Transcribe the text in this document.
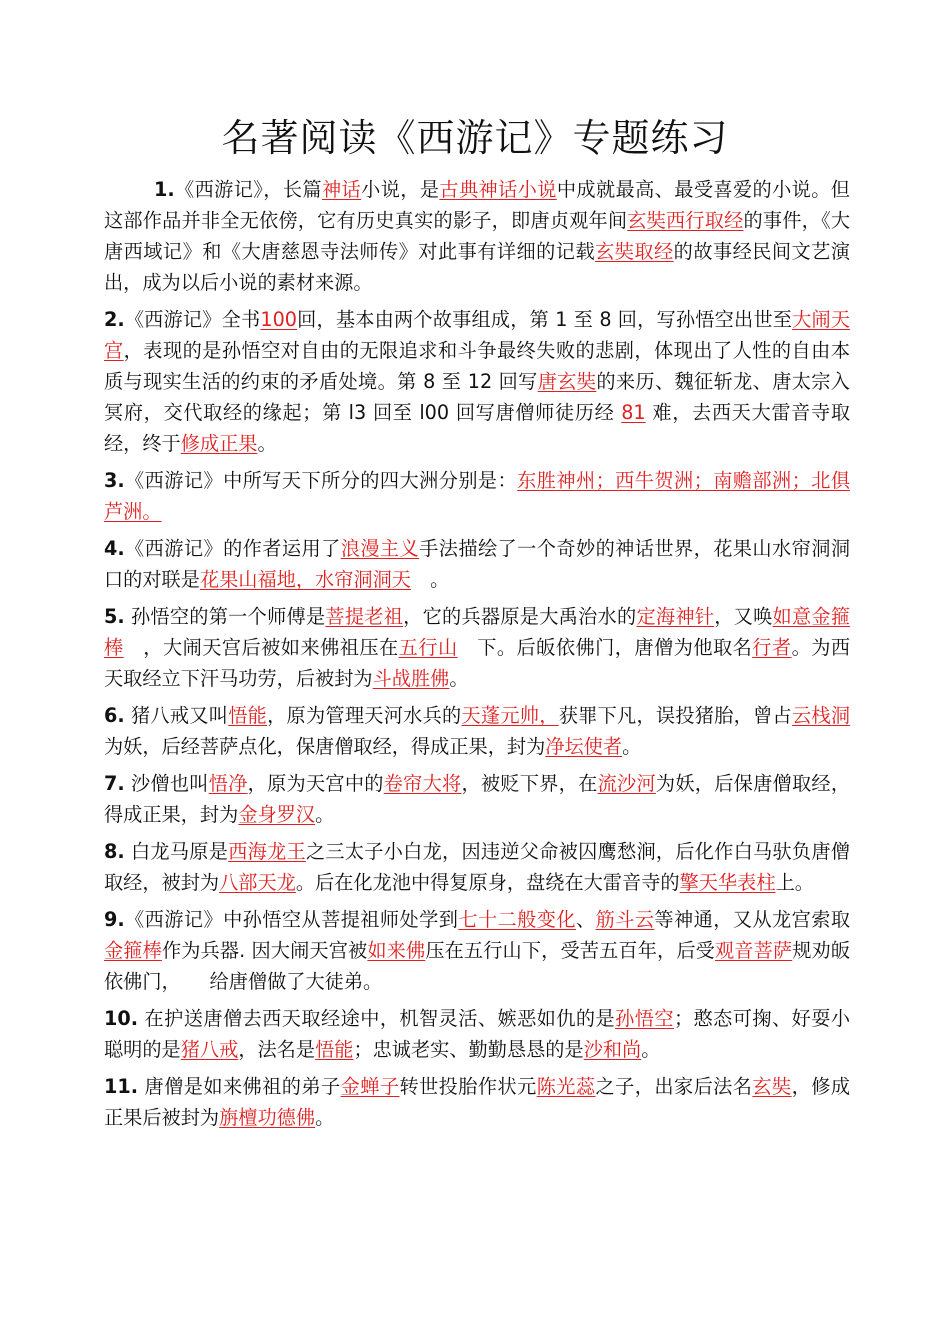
名著阅读《西游记》专题练习

1.《西游记》，长篇神话小说，是古典神话小说中成就最高、最受喜爱的小说。但这部作品并非全无依傍，它有历史真实的影子，即唐贞观年间玄奘西行取经的事件，《大唐西域记》和《大唐慈恩寺法师传》对此事有详细的记载玄奘取经的故事经民间文艺演出，成为以后小说的素材来源。

2.《西游记》全书100回，基本由两个故事组成，第 1 至 8 回，写孙悟空出世至大闹天宫，表现的是孙悟空对自由的无限追求和斗争最终失败的悲剧，体现出了人性的自由本质与现实生活的约束的矛盾处境。第 8 至 12 回写唐玄奘的来历、魏征斩龙、唐太宗入冥府，交代取经的缘起；第 l3 回至 l00 回写唐僧师徒历经 81 难，去西天大雷音寺取经，终于修成正果。

3.《西游记》中所写天下所分的四大洲分别是：东胜神州；西牛贺洲；南赡部洲；北俱芦洲。

4.《西游记》的作者运用了浪漫主义手法描绘了一个奇妙的神话世界，花果山水帘洞洞口的对联是花果山福地，水帘洞洞天　。

5. 孙悟空的第一个师傅是菩提老祖，它的兵器原是大禹治水的定海神针，又唤如意金箍棒　，大闹天宫后被如来佛祖压在五行山　下。后皈依佛门，唐僧为他取名行者。为西天取经立下汗马功劳，后被封为斗战胜佛。

6. 猪八戒又叫悟能，原为管理天河水兵的天蓬元帅，获罪下凡，误投猪胎，曾占云栈洞为妖，后经菩萨点化，保唐僧取经，得成正果，封为净坛使者。

7. 沙僧也叫悟净，原为天宫中的卷帘大将，被贬下界，在流沙河为妖，后保唐僧取经，得成正果，封为金身罗汉。

8. 白龙马原是西海龙王之三太子小白龙，因违逆父命被囚鹰愁涧，后化作白马驮负唐僧取经，被封为八部天龙。后在化龙池中得复原身，盘绕在大雷音寺的擎天华表柱上。

9.《西游记》中孙悟空从菩提祖师处学到七十二般变化、筋斗云等神通，又从龙宫索取金箍棒作为兵器. 因大闹天宫被如来佛压在五行山下，受苦五百年，后受观音菩萨规劝皈依佛门，　　给唐僧做了大徒弟。

10. 在护送唐僧去西天取经途中，机智灵活、嫉恶如仇的是孙悟空；憨态可掬、好耍小聪明的是猪八戒，法名是悟能；忠诚老实、勤勤恳恳的是沙和尚。

11. 唐僧是如来佛祖的弟子金蝉子转世投胎作状元陈光蕊之子，出家后法名玄奘，修成正果后被封为旃檀功德佛。
